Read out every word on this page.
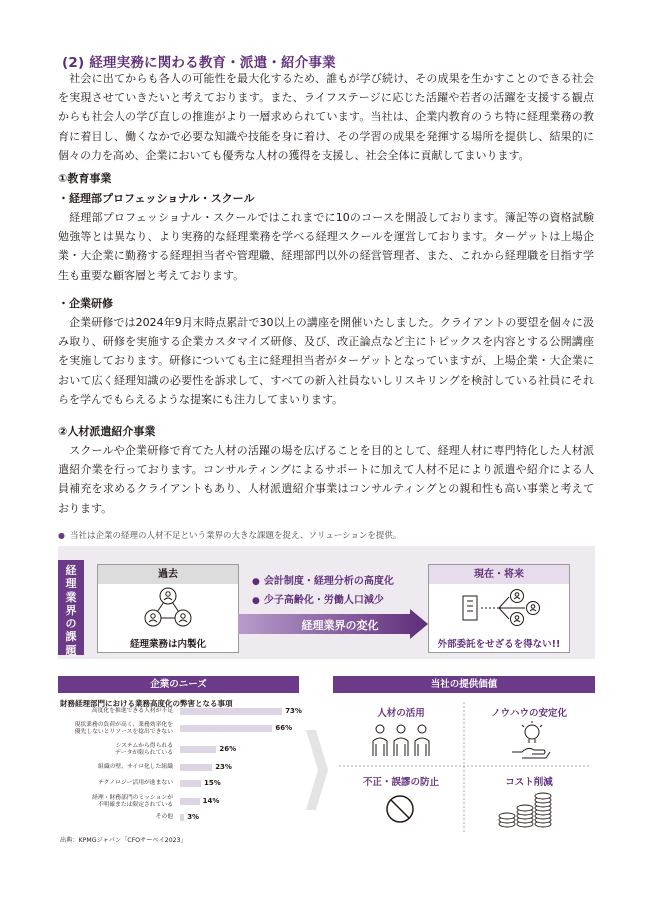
(2) 経理実務に関わる教育・派遣・紹介事業
社会に出てからも各人の可能性を最大化するため、誰もが学び続け、その成果を生かすことのできる社会を実現させていきたいと考えております。また、ライフステージに応じた活躍や若者の活躍を支援する観点からも社会人の学び直しの推進がより一層求められています。当社は、企業内教育のうち特に経理業務の教育に着目し、働くなかで必要な知識や技能を身に着け、その学習の成果を発揮する場所を提供し、結果的に個々の力を高め、企業においても優秀な人材の獲得を支援し、社会全体に貢献してまいります。
①教育事業
・経理部プロフェッショナル・スクール
経理部プロフェッショナル・スクールではこれまでに10のコースを開設しております。簿記等の資格試験勉強等とは異なり、より実務的な経理業務を学べる経理スクールを運営しております。ターゲットは上場企業・大企業に勤務する経理担当者や管理職、経理部門以外の経営管理者、また、これから経理職を目指す学生も重要な顧客層と考えております。
・企業研修
企業研修では2024年9月末時点累計で30以上の講座を開催いたしました。クライアントの要望を個々に汲み取り、研修を実施する企業カスタマイズ研修、及び、改正論点など主にトピックスを内容とする公開講座を実施しております。研修についても主に経理担当者がターゲットとなっていますが、上場企業・大企業において広く経理知識の必要性を訴求して、すべての新入社員ないしリスキリングを検討している社員にそれらを学んでもらえるような提案にも注力してまいります。
②人材派遣紹介事業
スクールや企業研修で育てた人材の活躍の場を広げることを目的として、経理人材に専門特化した人材派遣紹介業を行っております。コンサルティングによるサポートに加えて人材不足により派遣や紹介による人員補充を求めるクライアントもあり、人材派遣紹介事業はコンサルティングとの親和性も高い事業と考えております。
● 当社は企業の経理の人材不足という業界の大きな課題を捉え、ソリューションを提供。
経
理
業
界
の
課
題
過去
経理業務は内製化
● 会計制度・経理分析の高度化
● 少子高齢化・労働人口減少
経理業界の変化
現在・将来
外部委託をせざるを得ない!!
企業のニーズ
財務経理部門における業務高度化の弊害となる事項
高度化を推進できる人材が不足	73%
現状業務の負荷が高く、業務効率化を
優先しないとリソースを捻出できない	66%
システムから得られる
データが限られている	26%
組織の壁、サイロ化した組織	23%
テクノロジー活用が進まない	15%
経理・財務部門のミッションが
不明確または限定されている	14%
その他 3%
出典：KPMGジャパン「CFOサーベイ2023」
当社の提供価値
人材の活用	ノウハウの安定化
不正・誤謬の防止	コスト削減
